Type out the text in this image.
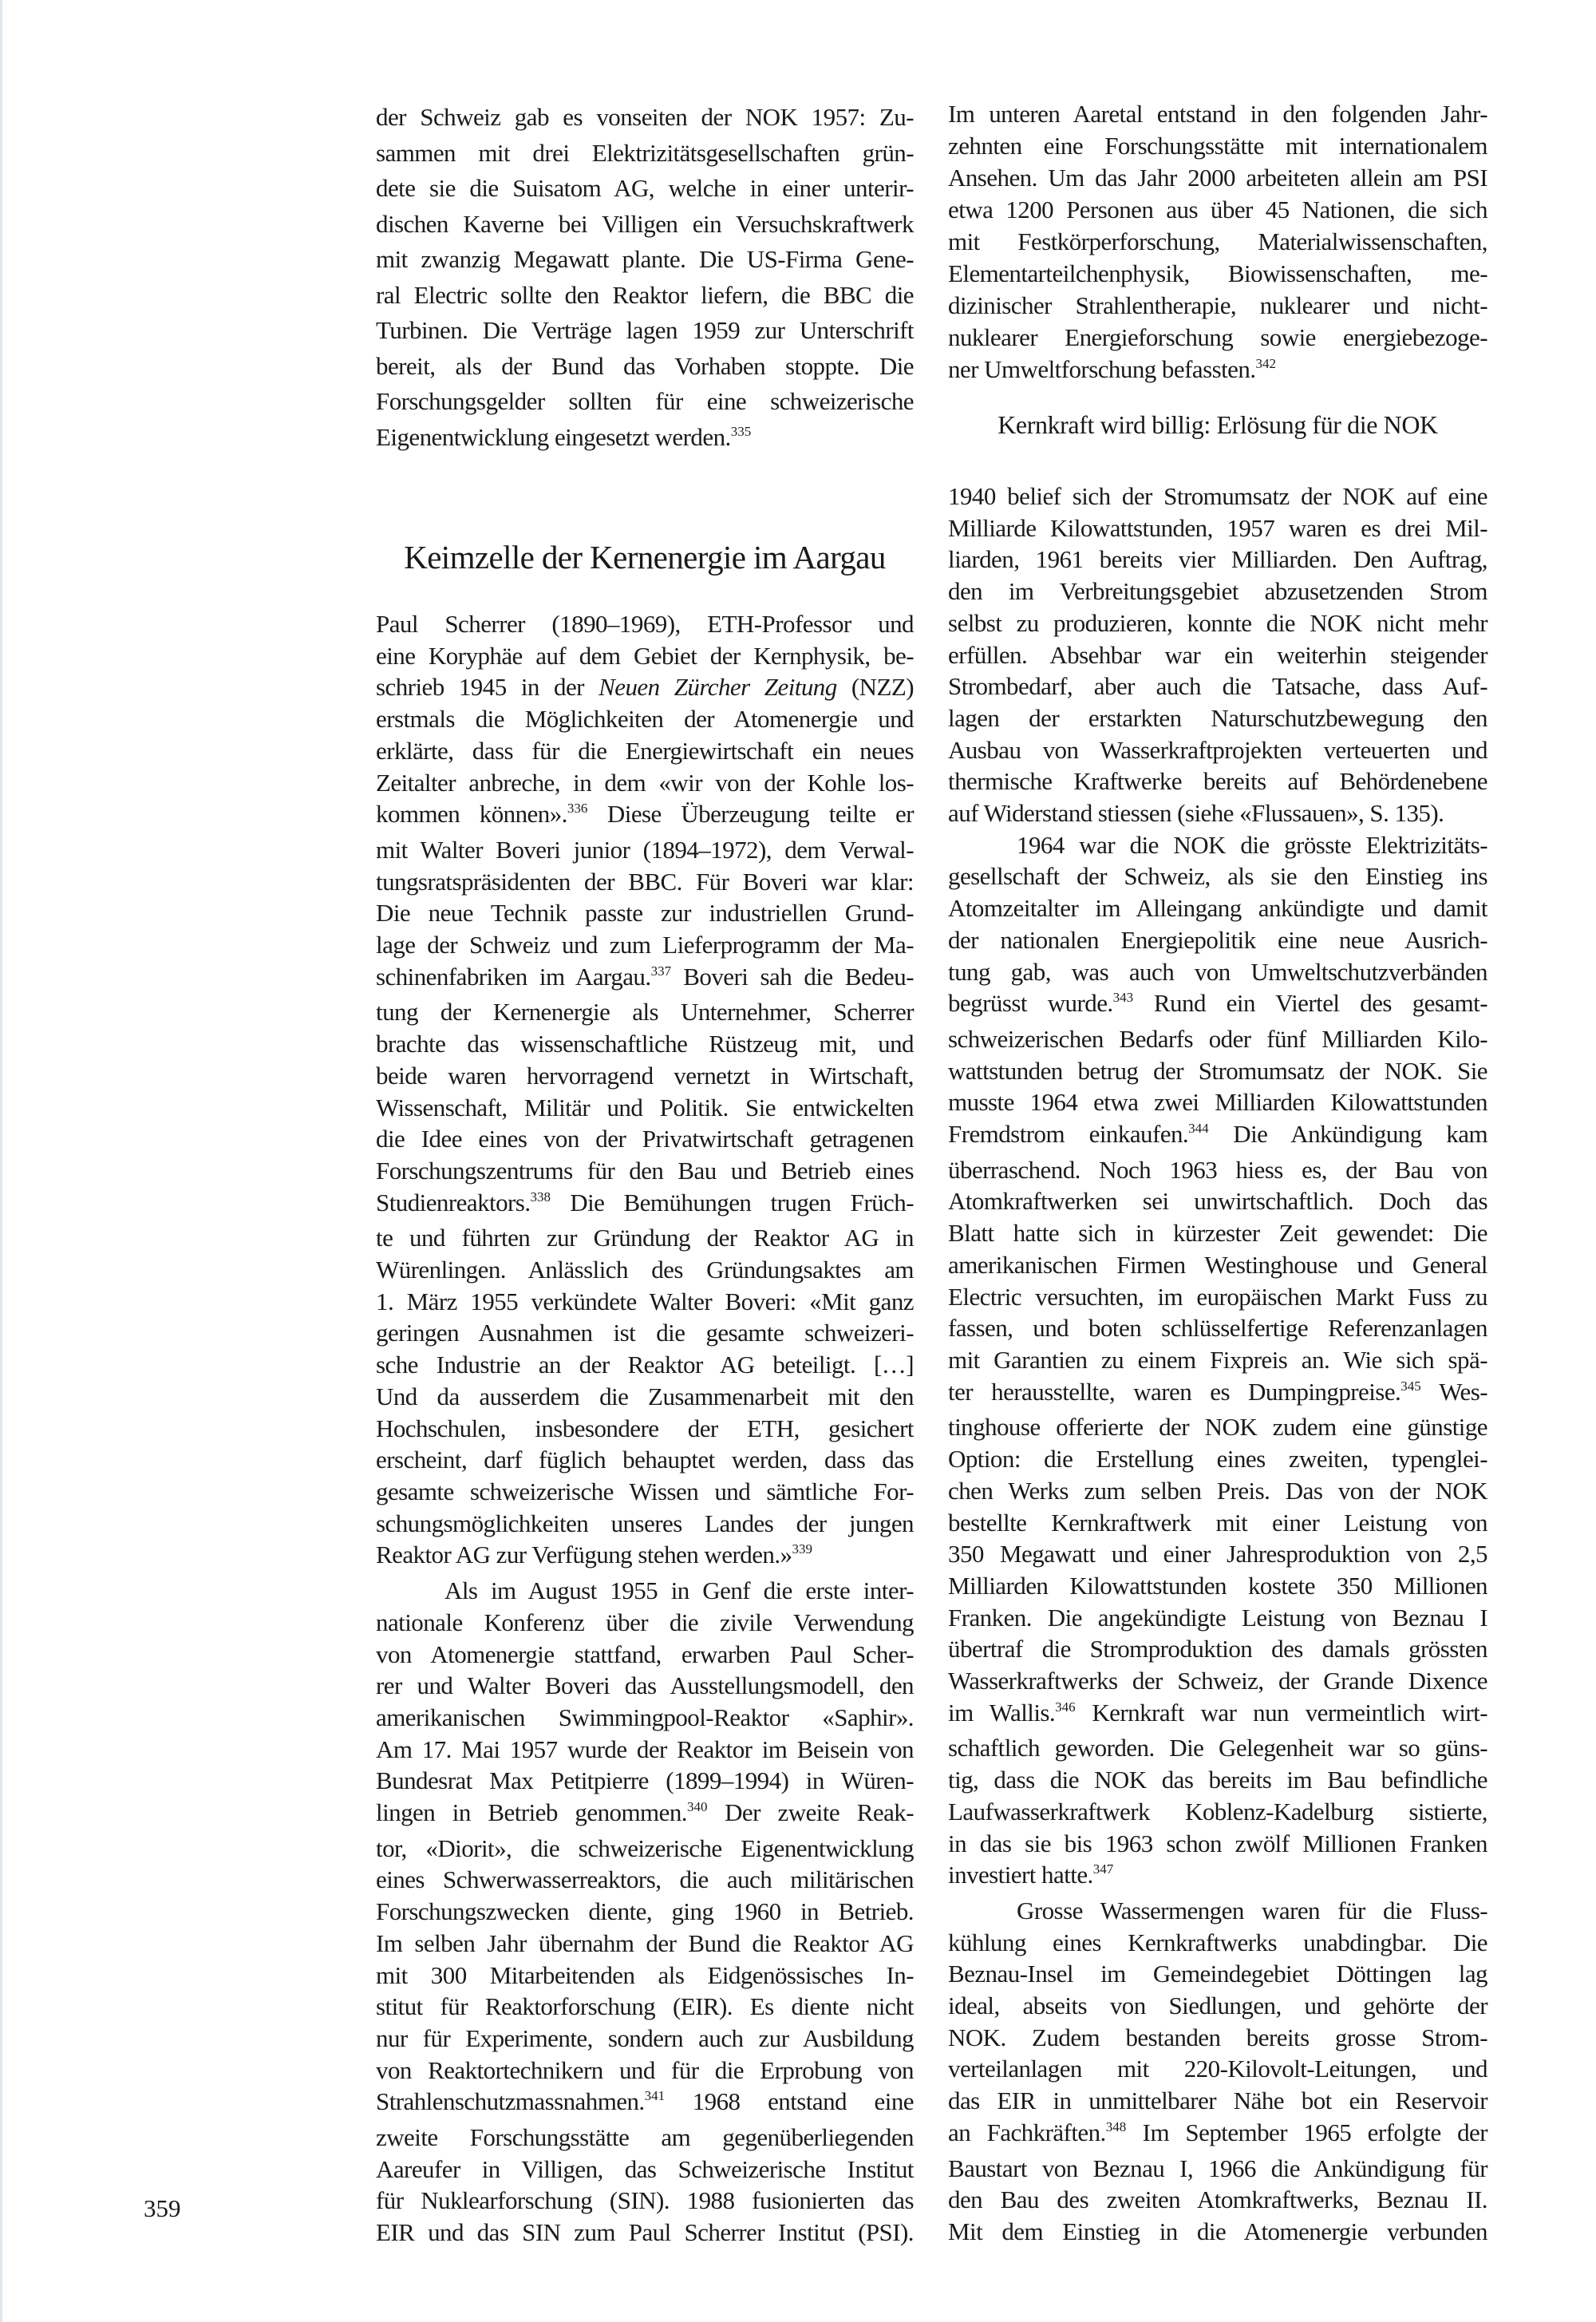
der Schweiz gab es vonseiten der NOK 1957: Zu-
sammen mit drei Elektrizitätsgesellschaften grün-
dete sie die Suisatom AG, welche in einer unterir-
dischen Kaverne bei Villigen ein Versuchskraftwerk
mit zwanzig Megawatt plante. Die US-Firma Gene-
ral Electric sollte den Reaktor liefern, die BBC die
Turbinen. Die Verträge lagen 1959 zur Unterschrift
bereit, als der Bund das Vorhaben stoppte. Die
Forschungsgelder sollten für eine schweizerische
Eigenentwicklung eingesetzt werden.$^{335}$
Keimzelle der Kernenergie im Aargau
Paul Scherrer (1890–1969), ETH-Professor und
eine Koryphäe auf dem Gebiet der Kernphysik, be-
schrieb 1945 in der Neuen Zürcher Zeitung (NZZ)
erstmals die Möglichkeiten der Atomenergie und
erklärte, dass für die Energiewirtschaft ein neues
Zeitalter anbreche, in dem «wir von der Kohle los-
kommen können».$^{336}$ Diese Überzeugung teilte er
mit Walter Boveri junior (1894–1972), dem Verwal-
tungsratspräsidenten der BBC. Für Boveri war klar:
Die neue Technik passte zur industriellen Grund-
lage der Schweiz und zum Lieferprogramm der Ma-
schinenfabriken im Aargau.$^{337}$ Boveri sah die Bedeu-
tung der Kernenergie als Unternehmer, Scherrer
brachte das wissenschaftliche Rüstzeug mit, und
beide waren hervorragend vernetzt in Wirtschaft,
Wissenschaft, Militär und Politik. Sie entwickelten
die Idee eines von der Privatwirtschaft getragenen
Forschungszentrums für den Bau und Betrieb eines
Studienreaktors.$^{338}$ Die Bemühungen trugen Früch-
te und führten zur Gründung der Reaktor AG in
Würenlingen. Anlässlich des Gründungsaktes am
1. März 1955 verkündete Walter Boveri: «Mit ganz
geringen Ausnahmen ist die gesamte schweizeri-
sche Industrie an der Reaktor AG beteiligt. […]
Und da ausserdem die Zusammenarbeit mit den
Hochschulen, insbesondere der ETH, gesichert
erscheint, darf füglich behauptet werden, dass das
gesamte schweizerische Wissen und sämtliche For-
schungsmöglichkeiten unseres Landes der jungen
Reaktor AG zur Verfügung stehen werden.»$^{339}$
Als im August 1955 in Genf die erste inter-
nationale Konferenz über die zivile Verwendung
von Atomenergie stattfand, erwarben Paul Scher-
rer und Walter Boveri das Ausstellungsmodell, den
amerikanischen Swimmingpool-Reaktor «Saphir».
Am 17. Mai 1957 wurde der Reaktor im Beisein von
Bundesrat Max Petitpierre (1899–1994) in Würen-
lingen in Betrieb genommen.$^{340}$ Der zweite Reak-
tor, «Diorit», die schweizerische Eigenentwicklung
eines Schwerwasserreaktors, die auch militärischen
Forschungszwecken diente, ging 1960 in Betrieb.
Im selben Jahr übernahm der Bund die Reaktor AG
mit 300 Mitarbeitenden als Eidgenössisches In-
stitut für Reaktorforschung (EIR). Es diente nicht
nur für Experimente, sondern auch zur Ausbildung
von Reaktortechnikern und für die Erprobung von
Strahlenschutzmassnahmen.$^{341}$ 1968 entstand eine
zweite Forschungsstätte am gegenüberliegenden
Aareufer in Villigen, das Schweizerische Institut
für Nuklearforschung (SIN). 1988 fusionierten das
EIR und das SIN zum Paul Scherrer Institut (PSI).
Im unteren Aaretal entstand in den folgenden Jahr-
zehnten eine Forschungsstätte mit internationalem
Ansehen. Um das Jahr 2000 arbeiteten allein am PSI
etwa 1200 Personen aus über 45 Nationen, die sich
mit Festkörperforschung, Materialwissenschaften,
Elementarteilchenphysik, Biowissenschaften, me-
dizinischer Strahlentherapie, nuklearer und nicht-
nuklearer Energieforschung sowie energiebezoge-
ner Umweltforschung befassten.$^{342}$
Kernkraft wird billig: Erlösung für die NOK
1940 belief sich der Stromumsatz der NOK auf eine
Milliarde Kilowattstunden, 1957 waren es drei Mil-
liarden, 1961 bereits vier Milliarden. Den Auftrag,
den im Verbreitungsgebiet abzusetzenden Strom
selbst zu produzieren, konnte die NOK nicht mehr
erfüllen. Absehbar war ein weiterhin steigender
Strombedarf, aber auch die Tatsache, dass Auf-
lagen der erstarkten Naturschutzbewegung den
Ausbau von Wasserkraftprojekten verteuerten und
thermische Kraftwerke bereits auf Behördenebene
auf Widerstand stiessen (siehe «Flussauen», S. 135).
1964 war die NOK die grösste Elektrizitäts-
gesellschaft der Schweiz, als sie den Einstieg ins
Atomzeitalter im Alleingang ankündigte und damit
der nationalen Energiepolitik eine neue Ausrich-
tung gab, was auch von Umweltschutzverbänden
begrüsst wurde.$^{343}$ Rund ein Viertel des gesamt-
schweizerischen Bedarfs oder fünf Milliarden Kilo-
wattstunden betrug der Stromumsatz der NOK. Sie
musste 1964 etwa zwei Milliarden Kilowattstunden
Fremdstrom einkaufen.$^{344}$ Die Ankündigung kam
überraschend. Noch 1963 hiess es, der Bau von
Atomkraftwerken sei unwirtschaftlich. Doch das
Blatt hatte sich in kürzester Zeit gewendet: Die
amerikanischen Firmen Westinghouse und General
Electric versuchten, im europäischen Markt Fuss zu
fassen, und boten schlüsselfertige Referenzanlagen
mit Garantien zu einem Fixpreis an. Wie sich spä-
ter herausstellte, waren es Dumpingpreise.$^{345}$ Wes-
tinghouse offerierte der NOK zudem eine günstige
Option: die Erstellung eines zweiten, typenglei-
chen Werks zum selben Preis. Das von der NOK
bestellte Kernkraftwerk mit einer Leistung von
350 Megawatt und einer Jahresproduktion von 2,5
Milliarden Kilowattstunden kostete 350 Millionen
Franken. Die angekündigte Leistung von Beznau I
übertraf die Stromproduktion des damals grössten
Wasserkraftwerks der Schweiz, der Grande Dixence
im Wallis.$^{346}$ Kernkraft war nun vermeintlich wirt-
schaftlich geworden. Die Gelegenheit war so güns-
tig, dass die NOK das bereits im Bau befindliche
Laufwasserkraftwerk Koblenz-Kadelburg sistierte,
in das sie bis 1963 schon zwölf Millionen Franken
investiert hatte.$^{347}$
Grosse Wassermengen waren für die Fluss-
kühlung eines Kernkraftwerks unabdingbar. Die
Beznau-Insel im Gemeindegebiet Döttingen lag
ideal, abseits von Siedlungen, und gehörte der
NOK. Zudem bestanden bereits grosse Strom-
verteilanlagen mit 220-Kilovolt-Leitungen, und
das EIR in unmittelbarer Nähe bot ein Reservoir
an Fachkräften.$^{348}$ Im September 1965 erfolgte der
Baustart von Beznau I, 1966 die Ankündigung für
den Bau des zweiten Atomkraftwerks, Beznau II.
Mit dem Einstieg in die Atomenergie verbunden
359
